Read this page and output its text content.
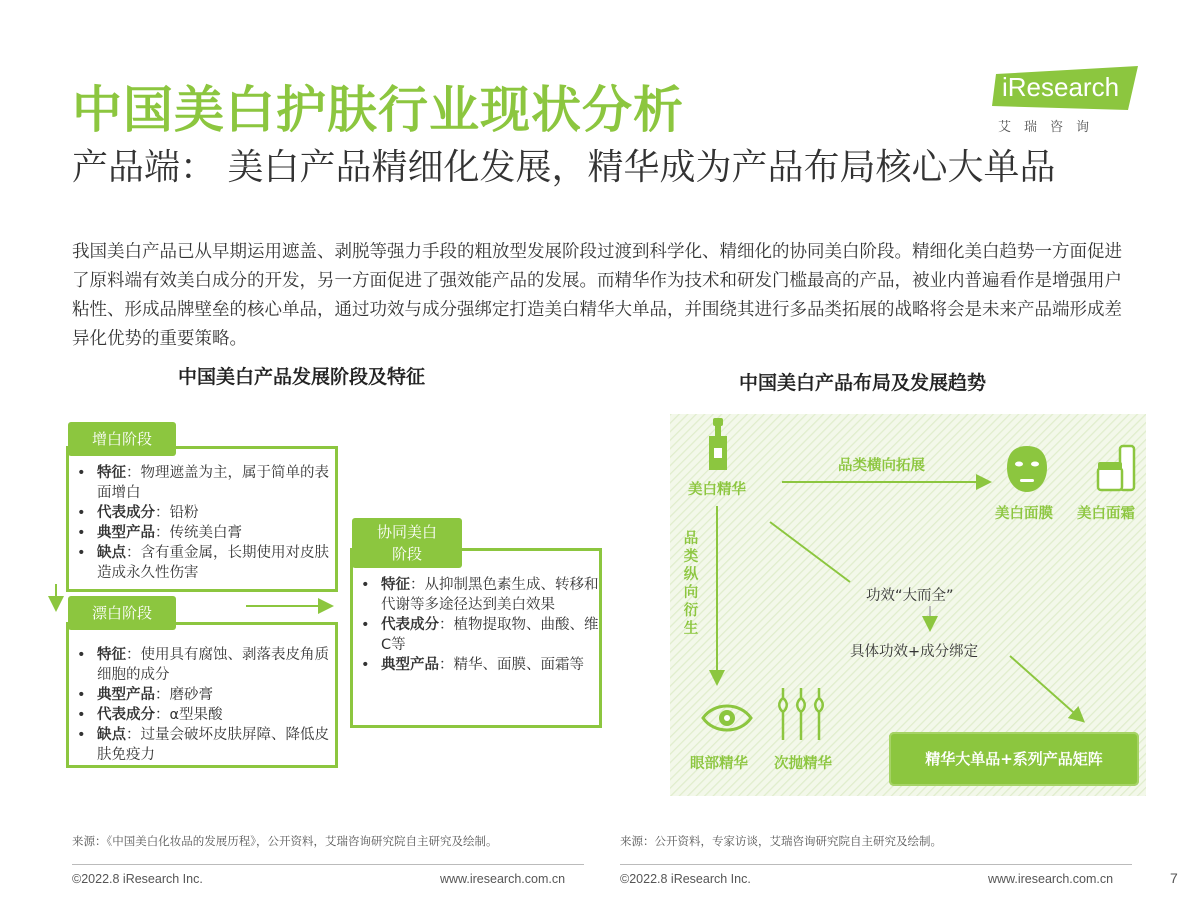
中国美白护肤行业现状分析	iResearch
艾瑞咨询
产品端： 美白产品精细化发展，精华成为产品布局核心大单品
我国美白产品已从早期运用遮盖、剥脱等强力手段的粗放型发展阶段过渡到科学化、精细化的协同美白阶段。精细化美白趋势一方面促进了原料端有效美白成分的开发，另一方面促进了强效能产品的发展。而精华作为技术和研发门槛最高的产品，被业内普遍看作是增强用户粘性、形成品牌壁垒的核心单品，通过功效与成分强绑定打造美白精华大单品，并围绕其进行多品类拓展的战略将会是未来产品端形成差异化优势的重要策略。
中国美白产品发展阶段及特征
• 特征：物理遮盖为主，属于简单的表面增白
• 代表成分：铅粉
• 典型产品：传统美白膏
• 缺点：含有重金属，长期使用对皮肤造成永久性伤害
增白阶段
• 特征：使用具有腐蚀、剥落表皮角质细胞的成分
• 典型产品：磨砂膏
• 代表成分：α型果酸
• 缺点：过量会破坏皮肤屏障、降低皮肤免疫力
漂白阶段
• 特征：从抑制黑色素生成、转移和代谢等多途径达到美白效果
• 代表成分：植物提取物、曲酸、维C等
• 典型产品：精华、面膜、面霜等
协同美白阶段
中国美白产品布局及发展趋势
美白精华
品类横向拓展
美白面膜 美白面霜
品类纵向衍生
功效“大而全”
具体功效+成分绑定
眼部精华 次抛精华	精华大单品+系列产品矩阵
来源：《中国美白化妆品的发展历程》，公开资料，艾瑞咨询研究院自主研究及绘制。	来源：公开资料，专家访谈，艾瑞咨询研究院自主研究及绘制。
©2022.8 iResearch Inc.	www.iresearch.com.cn	©2022.8 iResearch Inc.	www.iresearch.com.cn	7
